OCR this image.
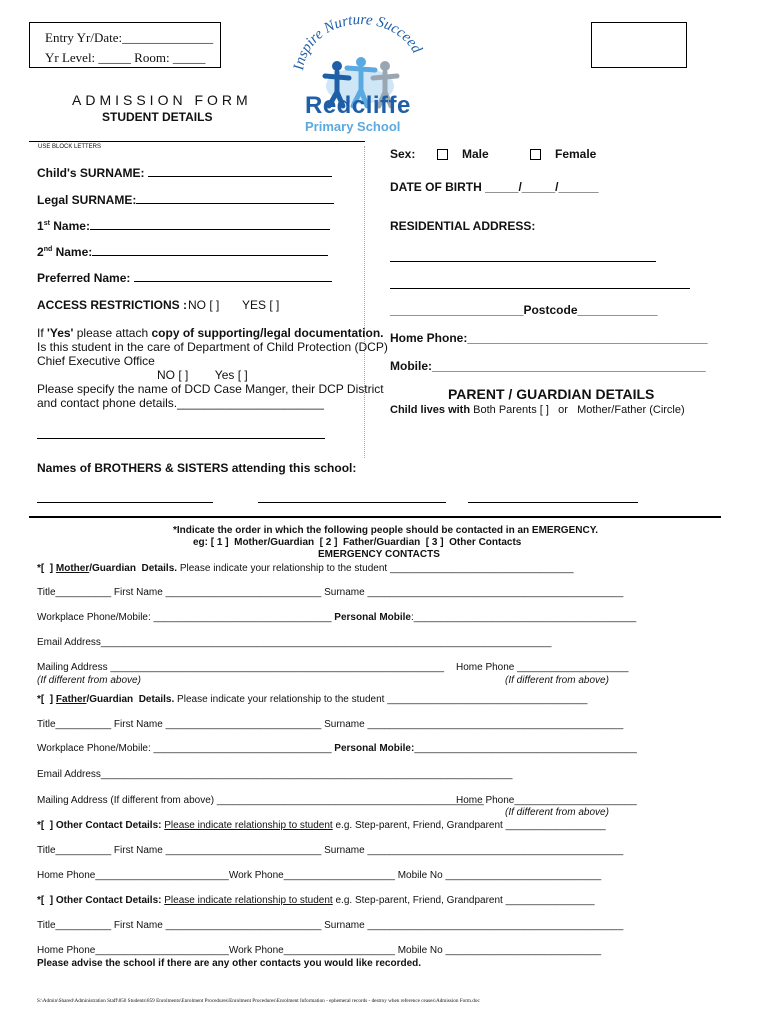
Entry Yr/Date:______________
Yr Level: _____ Room: _____
Inspire Nurture Succeed
Redcliffe
Primary School
ADMISSION FORM
STUDENT DETAILS
USE BLOCK LETTERS
Child's SURNAME:
Legal SURNAME:
1st Name:
2nd Name:
Preferred Name:
ACCESS RESTRICTIONS : NO [ ] YES [ ]
If 'Yes' please attach copy of supporting/legal documentation.
Is this student in the care of Department of Child Protection (DCP)
Chief Executive Office
NO [ ]        Yes [ ]
Please specify the name of DCD Case Manger, their DCP District
and contact phone details.______________________
Sex:	Male	Female
DATE OF BIRTH _____/_____/______
RESIDENTIAL ADDRESS:
____________________Postcode____________
Home Phone:____________________________________
Mobile:_________________________________________
PARENT / GUARDIAN DETAILS
Child lives with Both Parents [ ]   or   Mother/Father (Circle)
Names of BROTHERS & SISTERS attending this school:
*Indicate the order in which the following people should be contacted in an EMERGENCY.
eg: [ 1 ]  Mother/Guardian  [ 2 ]  Father/Guardian  [ 3 ]  Other Contacts
EMERGENCY CONTACTS
*[  ] Mother/Guardian  Details. Please indicate your relationship to the student _________________________________
Title__________ First Name ____________________________ Surname ______________________________________________
Workplace Phone/Mobile: ________________________________ Personal Mobile:________________________________________
Email Address_________________________________________________________________________________
Mailing Address ____________________________________________________________
(If different from above)
Home Phone ____________________
(If different from above)
*[  ] Father/Guardian  Details. Please indicate your relationship to the student ____________________________________
Title__________ First Name ____________________________ Surname ______________________________________________
Workplace Phone/Mobile: ________________________________ Personal Mobile:________________________________________
Email Address__________________________________________________________________________
Mailing Address (If different from above) ________________________________________________
Home Phone______________________
(If different from above)
*[  ] Other Contact Details: Please indicate relationship to student e.g. Step-parent, Friend, Grandparent __________________
Title__________ First Name ____________________________ Surname ______________________________________________
Home Phone________________________Work Phone____________________ Mobile No ____________________________
*[  ] Other Contact Details: Please indicate relationship to student e.g. Step-parent, Friend, Grandparent ________________
Title__________ First Name ____________________________ Surname ______________________________________________
Home Phone________________________Work Phone____________________ Mobile No ____________________________
Please advise the school if there are any other contacts you would like recorded.
S:\Admin\Shared\Administration Staff\850 Students\859 Enrolments\Enrolment Procedures\Enrolment Procedures\Enrolment Information - ephemeral records - destroy when reference ceases\Admission Form.doc
